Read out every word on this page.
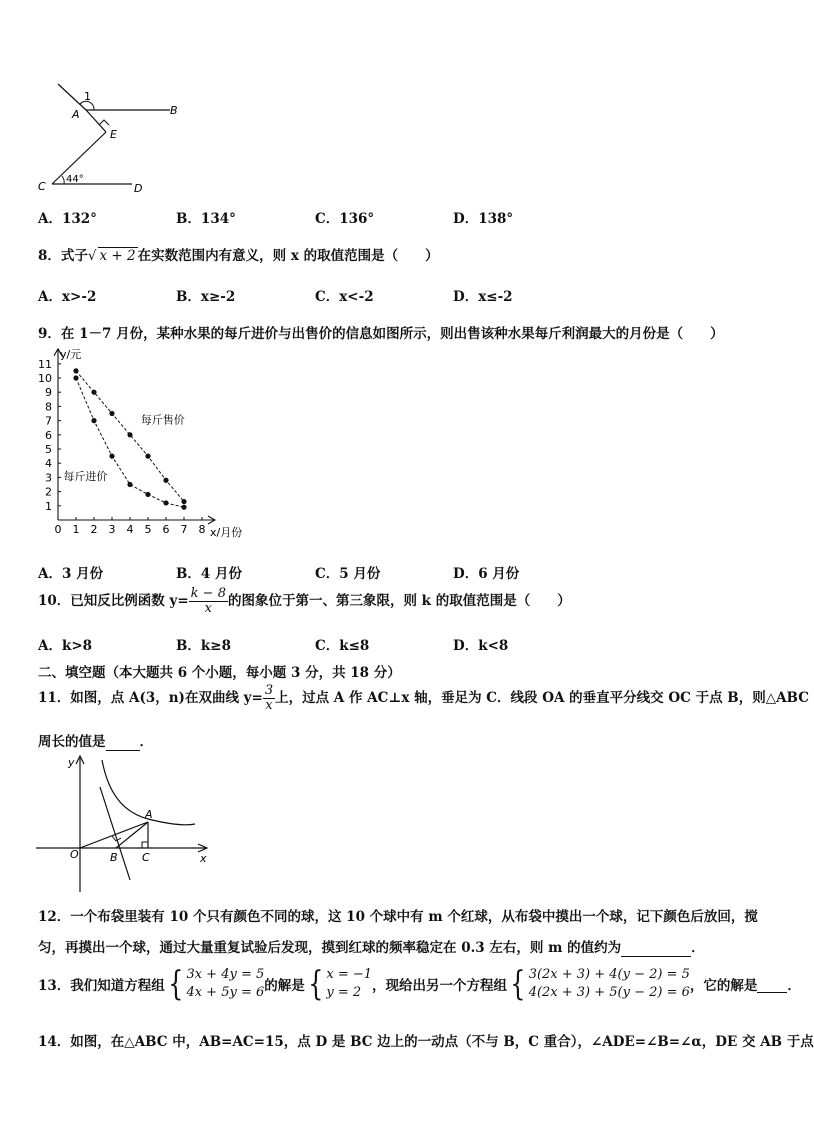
1
A	B
E
C	D
44°
A．132°	B．134°	C．136°	D．138°
8．式子√ x + 2 在实数范围内有意义，则 x 的取值范围是（　　）
A．x>-2	B．x≥-2	C．x<-2	D．x≤-2
9．在 1－7 月份，某种水果的每斤进价与出售价的信息如图所示，则出售该种水果每斤利润最大的月份是（　　）
0 1 2 3 4 5 6 7 8
1
2
3
4
5
6
7
8
9
10
11
y/元
x/月份
每斤售价
每斤进价
A．3 月份	B．4 月份	C．5 月份	D．6 月份
10．已知反比例函数 $y= \frac{k - 8}{x}$ 的图象位于第一、第三象限，则 k 的取值范围是（　　）
A．k>8	B．k≥8	C．k≤8	D．k<8
二、填空题（本大题共 6 个小题，每小题 3 分，共 18 分）
11．如图，点 A(3，n)在双曲线 $y= \frac{3}{x}$ 上，过点 A 作 AC⊥x 轴，垂足为 C．线段 OA 的垂直平分线交 OC 于点 B，则△ABC
周长的值是	．
y
x
O	B C
A
12．一个布袋里装有 10 个只有颜色不同的球，这 10 个球中有 m 个红球，从布袋中摸出一个球，记下颜色后放回，搅
匀，再摸出一个球，通过大量重复试验后发现，摸到红球的频率稳定在 0.3 左右，则 m 的值约为	．
13．我们知道方程组{ 3x + 4y = 5
4x + 5y = 6 的解是{ x = −1
y = 2 ，现给出另一个方程组{ 3(2x + 3) + 4(y − 2) = 5
4(2x + 3) + 5(y − 2) = 6 ，它的解是 ．
14．如图，在△ABC 中，AB=AC=15，点 D 是 BC 边上的一动点（不与 B，C 重合），∠ADE=∠B=∠α，DE 交 AB 于点
